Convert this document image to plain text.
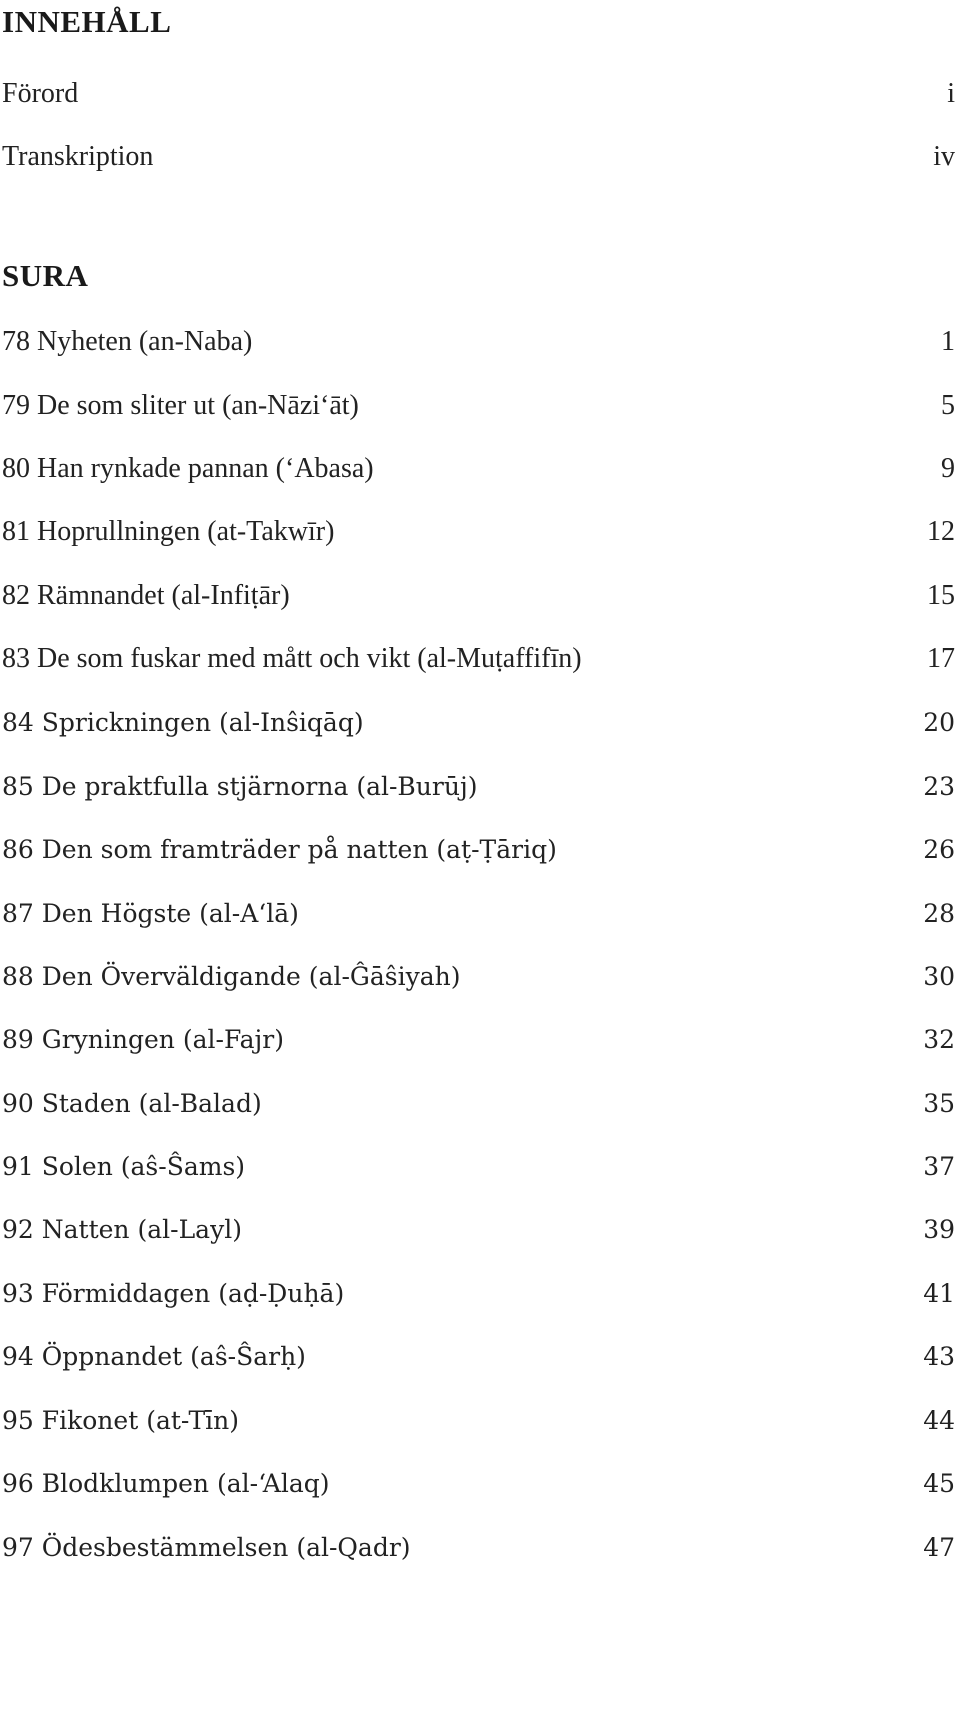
INNEHÅLL
Förord	i
Transkription	iv
SURA
78 Nyheten (an-Naba)	1
79 De som sliter ut (an-Nāzi‘āt)	5
80 Han rynkade pannan (‘Abasa)	9
81 Hoprullningen (at-Takwīr)	12
82 Rämnandet (al-Infiṭār)	15
83 De som fuskar med mått och vikt (al-Muṭaffifīn)	17
84 Sprickningen (al-Inŝiqāq)	20
85 De praktfulla stjärnorna (al-Burūj)	23
86 Den som framträder på natten (aṭ-Ṭāriq)	26
87 Den Högste (al-A‘lā)	28
88 Den Överväldigande (al-Ĝāŝiyah)	30
89 Gryningen (al-Fajr)	32
90 Staden (al-Balad)	35
91 Solen (aŝ-Ŝams)	37
92 Natten (al-Layl)	39
93 Förmiddagen (aḍ-Ḍuḥā)	41
94 Öppnandet (aŝ-Ŝarḥ)	43
95 Fikonet (at-Tīn)	44
96 Blodklumpen (al-‘Alaq)	45
97 Ödesbestämmelsen (al-Qadr)	47
